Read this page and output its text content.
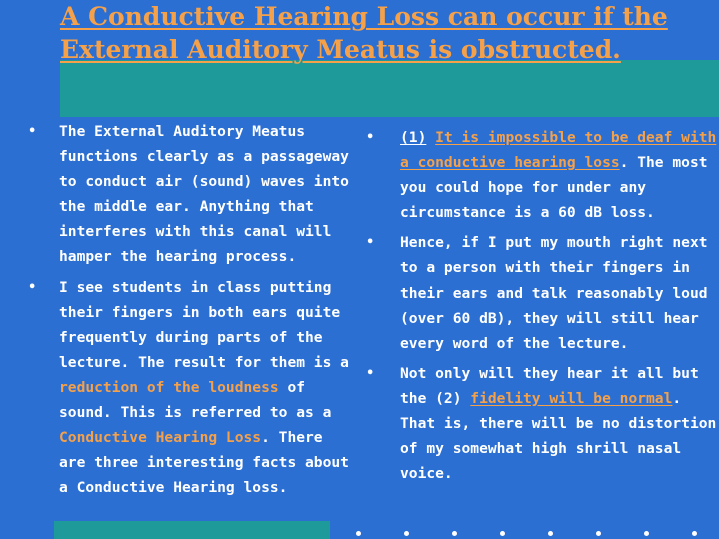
A Conductive Hearing Loss can occur if the External Auditory Meatus is obstructed.
• The External Auditory Meatus functions clearly as a passageway to conduct air (sound) waves into the middle ear. Anything that interferes with this canal will hamper the hearing process.
• I see students in class putting their fingers in both ears quite frequently during parts of the lecture. The result for them is a reduction of the loudness of sound. This is referred to as a Conductive Hearing Loss. There are three interesting facts about a Conductive Hearing loss.
• (1) It is impossible to be deaf with a conductive hearing loss. The most you could hope for under any circumstance is a 60 dB loss.
• Hence, if I put my mouth right next to a person with their fingers in their ears and talk reasonably loud (over 60 dB), they will still hear every word of the lecture.
• Not only will they hear it all but the (2) fidelity will be normal. That is, there will be no distortion of my somewhat high shrill nasal voice.
